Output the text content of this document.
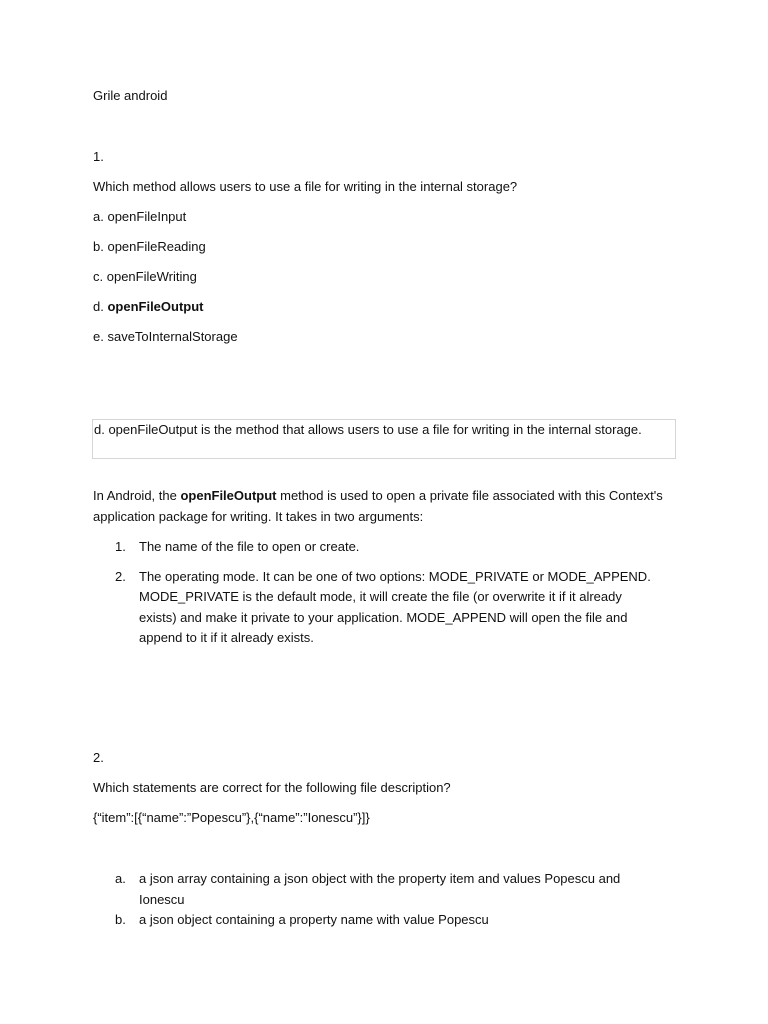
Grile android
1.
Which method allows users to use a file for writing in the internal storage?
a. openFileInput
b. openFileReading
c. openFileWriting
d. openFileOutput
e. saveToInternalStorage
d. openFileOutput is the method that allows users to use a file for writing in the internal storage.
In Android, the openFileOutput method is used to open a private file associated with this Context's application package for writing. It takes in two arguments:
1. The name of the file to open or create.
2. The operating mode. It can be one of two options: MODE_PRIVATE or MODE_APPEND. MODE_PRIVATE is the default mode, it will create the file (or overwrite it if it already exists) and make it private to your application. MODE_APPEND will open the file and append to it if it already exists.
2.
Which statements are correct for the following file description?
{“item”:[{“name”:”Popescu”},{“name”:”Ionescu”}]}
a. a json array containing a json object with the property item and values Popescu and Ionescu
b. a json object containing a property name with value Popescu
